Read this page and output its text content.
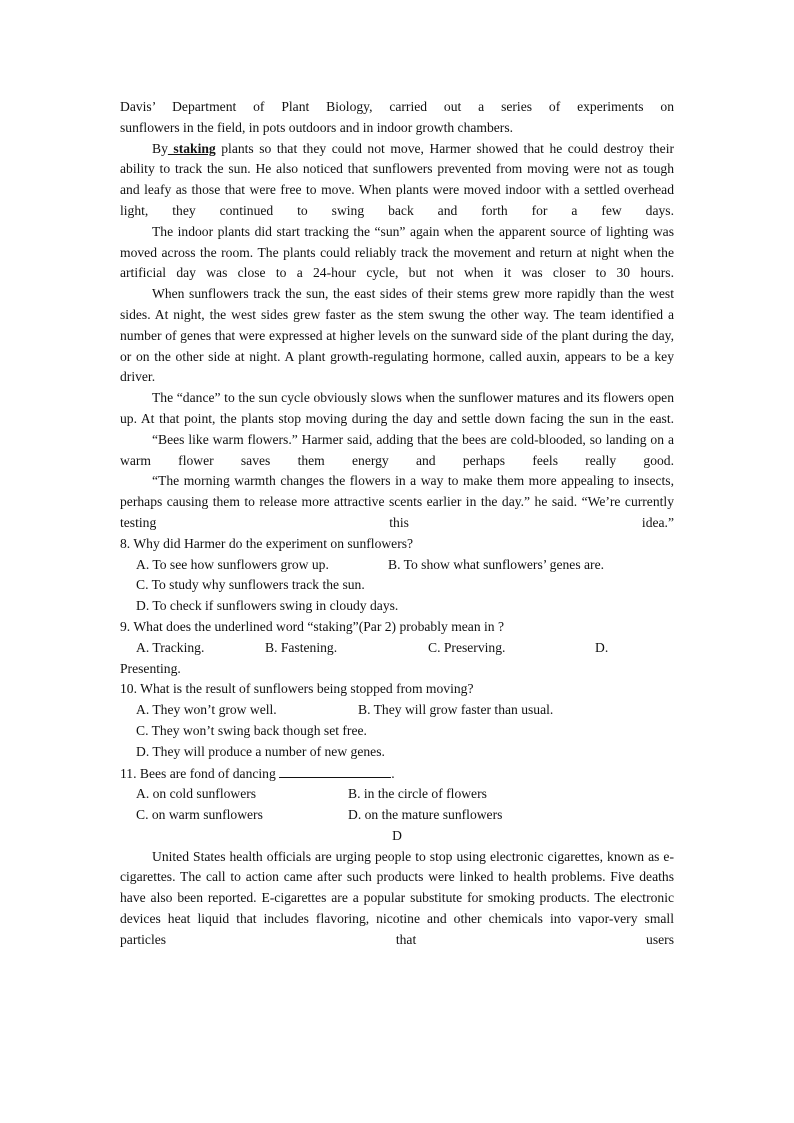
Davis’ Department of Plant Biology, carried out a series of experiments on

sunflowers in the field, in pots outdoors and in indoor growth chambers.

By staking plants so that they could not move, Harmer showed that he could destroy their ability to track the sun. He also noticed that sunflowers prevented from moving were not as tough and leafy as those that were free to move. When plants were moved indoor with a settled overhead light, they continued to swing back and forth for a few days.

The indoor plants did start tracking the “sun” again when the apparent source of lighting was moved across the room. The plants could reliably track the movement and return at night when the artificial day was close to a 24-hour cycle, but not when it was closer to 30 hours.

When sunflowers track the sun, the east sides of their stems grew more rapidly than the west sides. At night, the west sides grew faster as the stem swung the other way. The team identified a number of genes that were expressed at higher levels on the sunward side of the plant during the day, or on the other side at night. A plant growth-regulating hormone, called auxin, appears to be a key driver.

The “dance” to the sun cycle obviously slows when the sunflower matures and its flowers open up. At that point, the plants stop moving during the day and settle down facing the sun in the east.

“Bees like warm flowers.” Harmer said, adding that the bees are cold-blooded, so landing on a warm flower saves them energy and perhaps feels really good.

“The morning warmth changes the flowers in a way to make them more appealing to insects, perhaps causing them to release more attractive scents earlier in the day.” he said. “We’re currently testing this idea.”

8. Why did Harmer do the experiment on sunflowers?

A. To see how sunflowers grow up.	B. To show what sunflowers’ genes are.
C. To study why sunflowers track the sun.
D. To check if sunflowers swing in cloudy days.

9. What does the underlined word “staking”(Par 2) probably mean in ?

A. Tracking.	B. Fastening.	C. Preserving.	D.
Presenting.

10. What is the result of sunflowers being stopped from moving?

A. They won’t grow well.	B. They will grow faster than usual.
C. They won’t swing back though set free.
D. They will produce a number of new genes.

11. Bees are fond of dancing	.

A. on cold sunflowers	B. in the circle of flowers
C. on warm sunflowers	D. on the mature sunflowers

D

United States health officials are urging people to stop using electronic cigarettes, known as e-cigarettes. The call to action came after such products were linked to health problems. Five deaths have also been reported. E-cigarettes are a popular substitute for smoking products. The electronic devices heat liquid that includes flavoring, nicotine and other chemicals into vapor-very small particles that users
